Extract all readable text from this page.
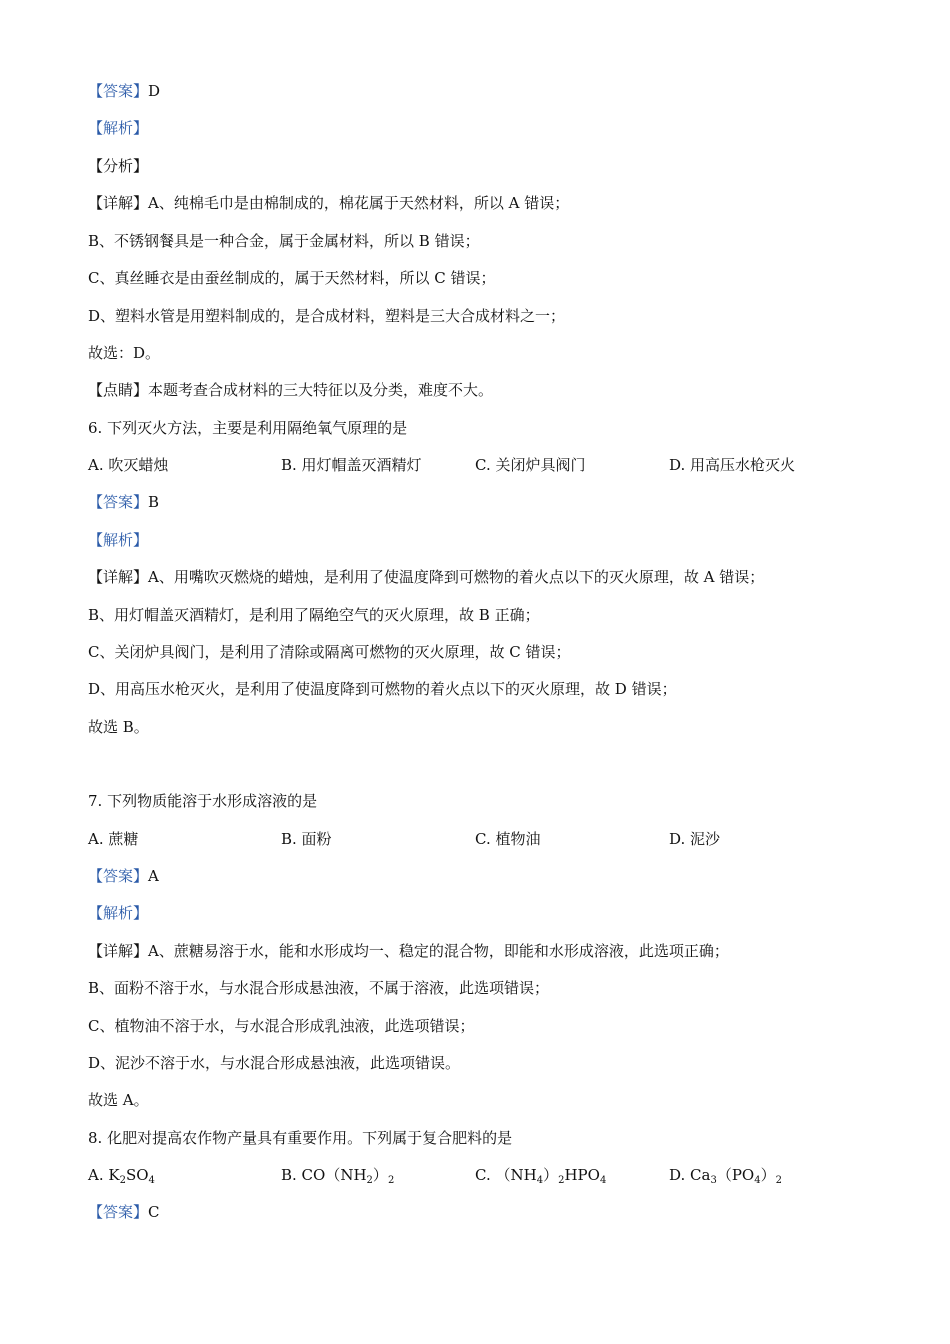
【答案】D
【解析】
【分析】
【详解】A、纯棉毛巾是由棉制成的，棉花属于天然材料，所以 A 错误；
B、不锈钢餐具是一种合金，属于金属材料，所以 B 错误；
C、真丝睡衣是由蚕丝制成的，属于天然材料，所以 C 错误；
D、塑料水管是用塑料制成的，是合成材料，塑料是三大合成材料之一；
故选：D。
【点睛】本题考查合成材料的三大特征以及分类，难度不大。
6. 下列灭火方法，主要是利用隔绝氧气原理的是
A. 吹灭蜡烛	B. 用灯帽盖灭酒精灯	C. 关闭炉具阀门	D. 用高压水枪灭火
【答案】B
【解析】
【详解】A、用嘴吹灭燃烧的蜡烛，是利用了使温度降到可燃物的着火点以下的灭火原理，故 A 错误；
B、用灯帽盖灭酒精灯，是利用了隔绝空气的灭火原理，故 B 正确；
C、关闭炉具阀门，是利用了清除或隔离可燃物的灭火原理，故 C 错误；
D、用高压水枪灭火，是利用了使温度降到可燃物的着火点以下的灭火原理，故 D 错误；
故选 B。
7. 下列物质能溶于水形成溶液的是
A. 蔗糖	B. 面粉	C. 植物油	D. 泥沙
【答案】A
【解析】
【详解】A、蔗糖易溶于水，能和水形成均一、稳定的混合物，即能和水形成溶液，此选项正确；
B、面粉不溶于水，与水混合形成悬浊液，不属于溶液，此选项错误；
C、植物油不溶于水，与水混合形成乳浊液，此选项错误；
D、泥沙不溶于水，与水混合形成悬浊液，此选项错误。
故选 A。
8. 化肥对提高农作物产量具有重要作用。下列属于复合肥料的是
A. $K_2SO_4$	B. $CO(NH_2)_2$	C. $(NH_4)_2HPO_4$	D. $Ca_3(PO_4)_2$
【答案】C
